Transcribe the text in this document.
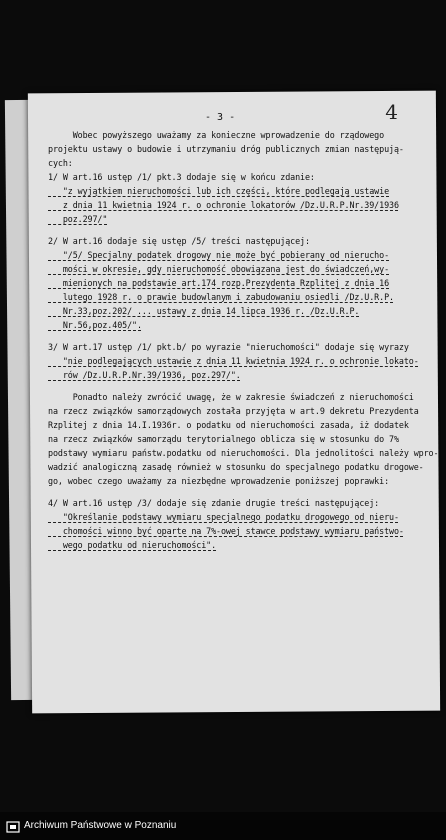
4
- 3 -
Wobec powyższego uważamy za konieczne wprowadzenie do rządowego
projektu ustawy o budowie i utrzymaniu dróg publicznych zmian następują-
cych:
1/ W art.16 ustęp /1/ pkt.3 dodaje się w końcu zdanie:
"z wyjątkiem nieruchomości lub ich części, które podlegają ustawie
z dnia 11 kwietnia 1924 r. o ochronie lokatorów /Dz.U.R.P.Nr.39/1936
poz.297/"
2/ W art.16 dodaje się ustęp /5/ treści następującej:
"/5/ Specjalny podatek drogowy nie może być pobierany od nierucho-
mości w okresie, gdy nieruchomość obowiązana jest do świadczeń,wy-
mienionych na podstawie art.174 rozp.Prezydenta Rzplitej z dnia 16
lutego 1928 r. o prawie budowlanym i zabudowaniu osiedli /Dz.U.R.P.
Nr.33,poz.202/ ... ustawy z dnia 14 lipca 1936 r. /Dz.U.R.P.
Nr.56,poz.405/".
3/ W art.17 ustęp /1/ pkt.b/ po wyrazie "nieruchomości" dodaje się wyrazy
"nie podlegających ustawie z dnia 11 kwietnia 1924 r. o ochronie lokato-
rów /Dz.U.R.P.Nr.39/1936, poz.297/".
Ponadto należy zwrócić uwagę, że w zakresie świadczeń z nieruchomości
na rzecz związków samorządowych została przyjęta w art.9 dekretu Prezydenta
Rzplitej z dnia 14.I.1936r. o podatku od nieruchomości zasada, iż dodatek
na rzecz związków samorządu terytorialnego oblicza się w stosunku do 7%
podstawy wymiaru państw.podatku od nieruchomości. Dla jednolitości należy wpro-
wadzić analogiczną zasadę również w stosunku do specjalnego podatku drogowe-
go, wobec czego uważamy za niezbędne wprowadzenie poniższej poprawki:
4/ W art.16 ustęp /3/ dodaje się zdanie drugie treści następującej:
"Określanie podstawy wymiaru specjalnego podatku drogowego od nieru-
chomości winno być oparte na 7%-owej stawce podstawy wymiaru państwo-
wego podatku od nieruchomości".
Archiwum Państwowe w Poznaniu
